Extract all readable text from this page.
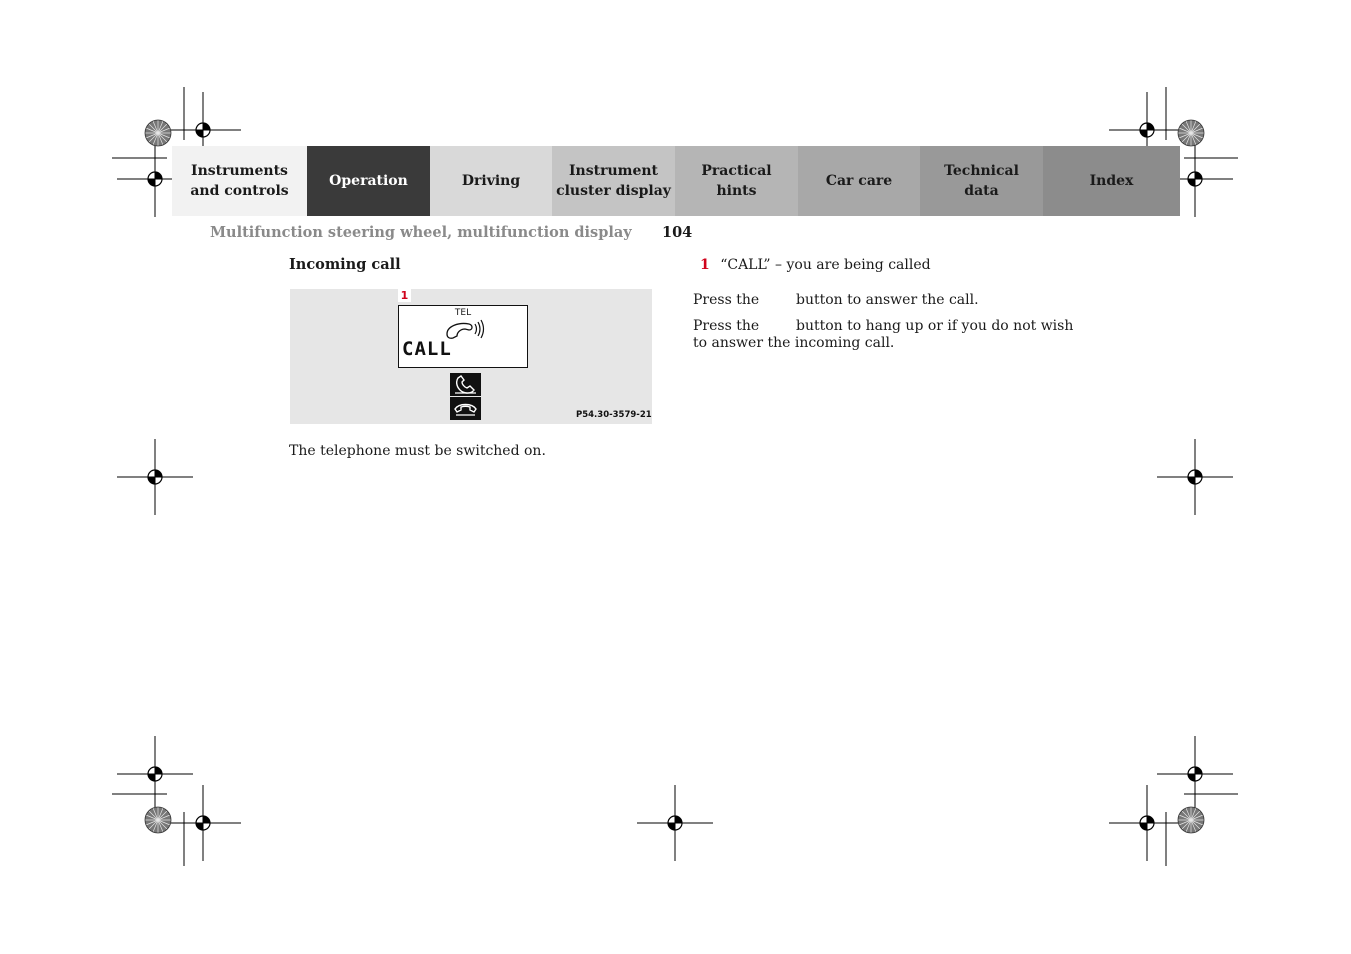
Instruments
and controls
Operation	Driving
Instrument
cluster display
Practical hints
Car care
Technical
data
Index
Multifunction steering wheel, multifunction display 104
Incoming call
1
TEL
CALL
P54.30-3579-21
The telephone must be switched on.
1 “CALL” – you are being called
Press the	button to answer the call.
Press the	button to hang up or if you do not wish
to answer the incoming call.
